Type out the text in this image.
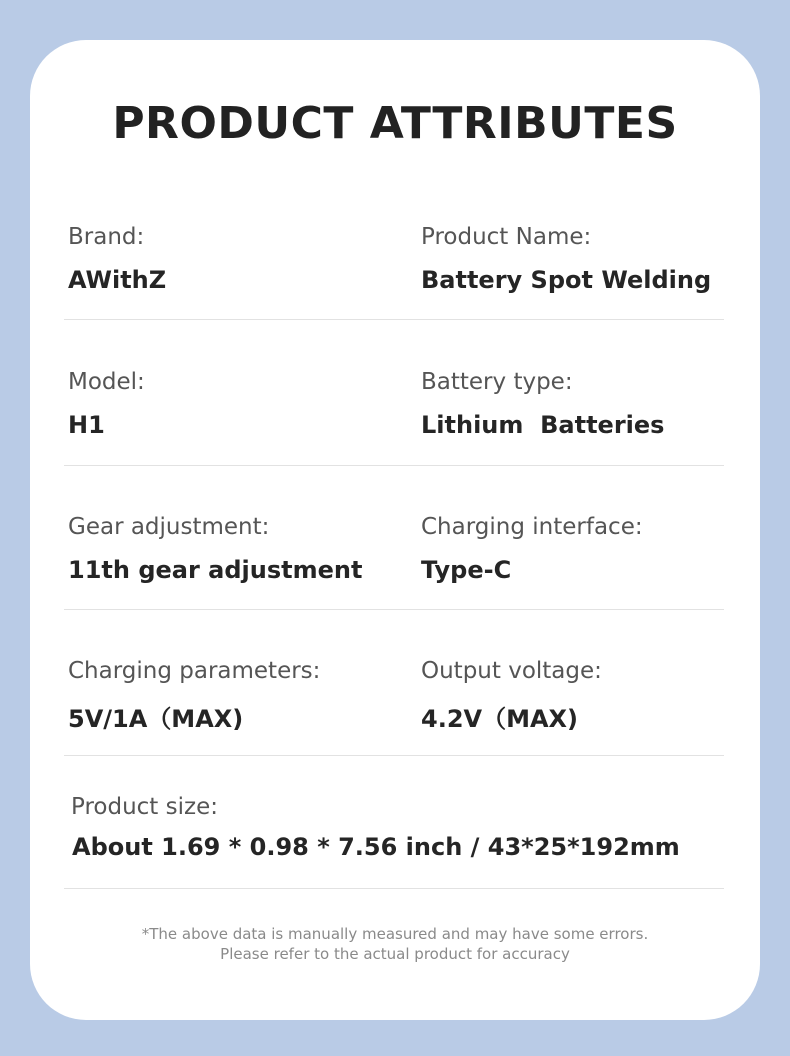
PRODUCT ATTRIBUTES
Brand:
AWithZ
Product Name:
Battery Spot Welding
Model:
H1
Battery type:
Lithium  Batteries
Gear adjustment:
11th gear adjustment
Charging interface:
Type-C
Charging parameters:
5V/1A（MAX)
Output voltage:
4.2V（MAX)
Product size:
About 1.69 * 0.98 * 7.56 inch / 43*25*192mm
*The above data is manually measured and may have some errors.
Please refer to the actual product for accuracy
